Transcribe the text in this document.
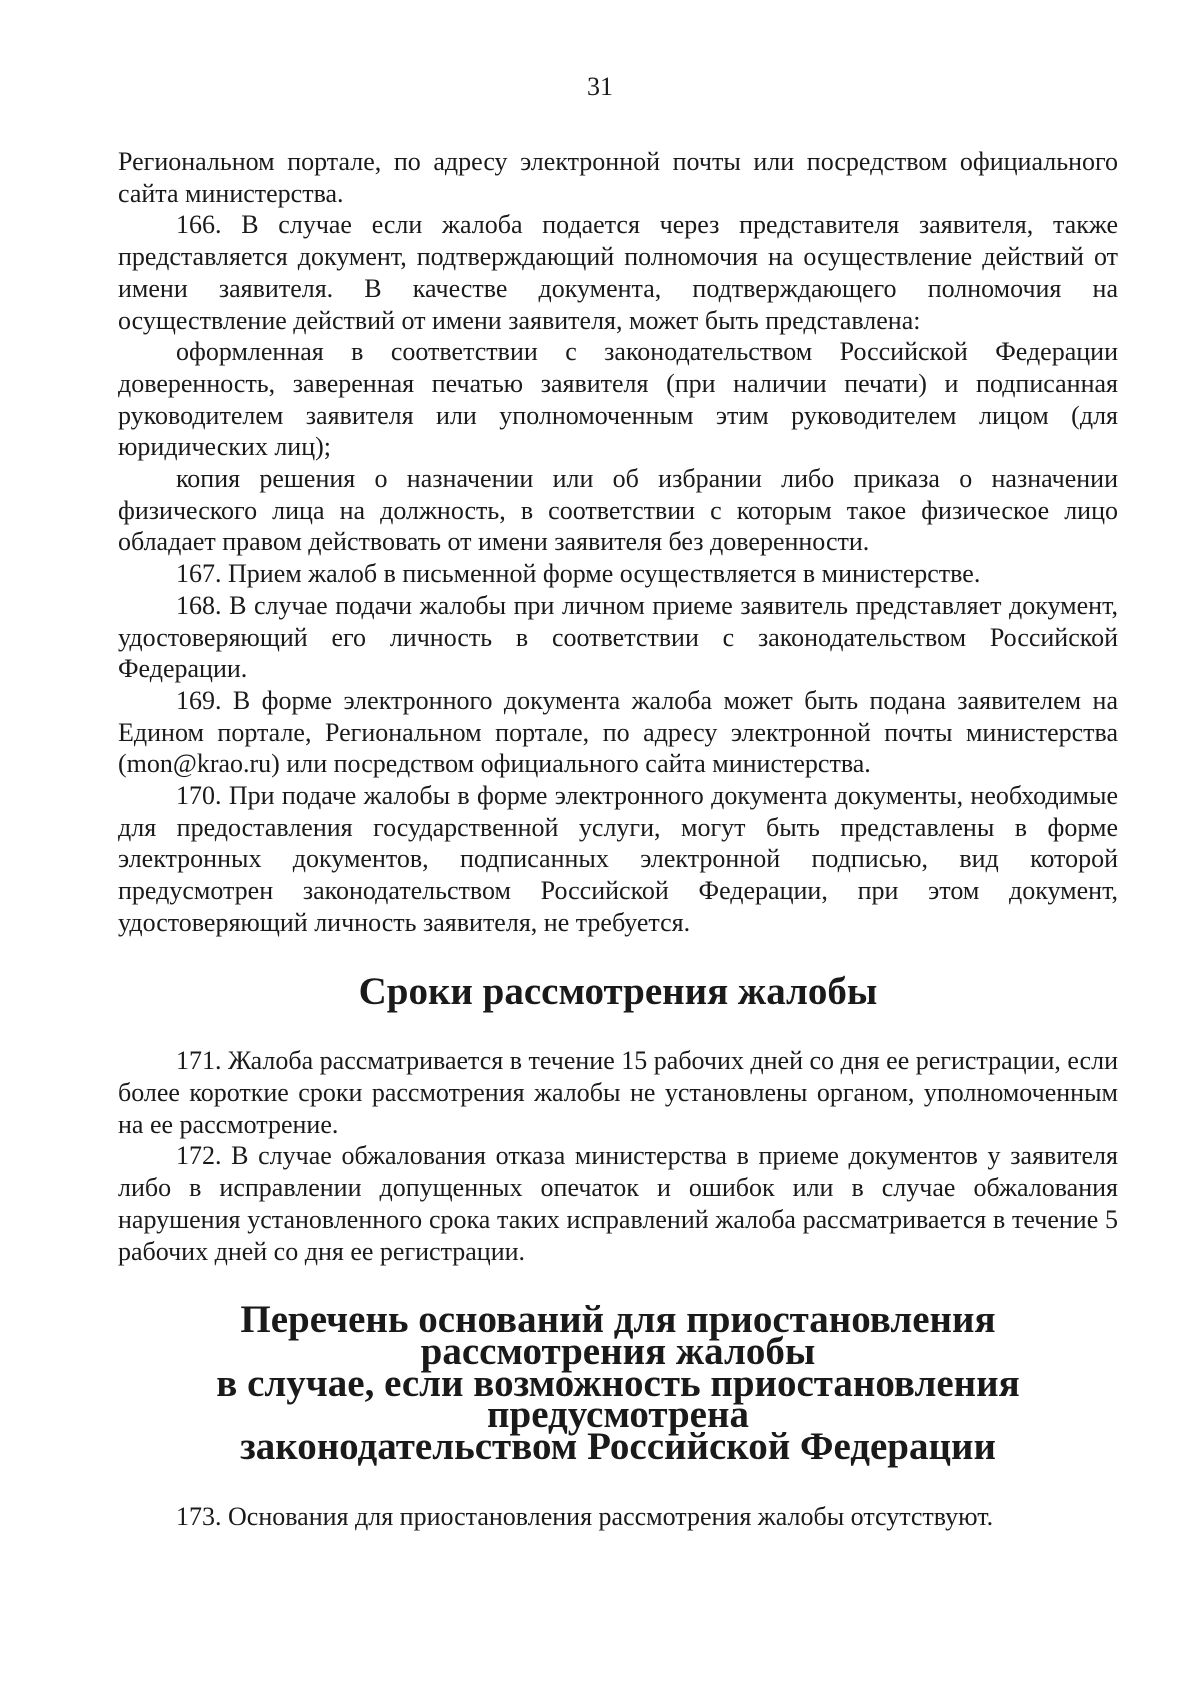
31

Региональном портале, по адресу электронной почты или посредством официального сайта министерства.

166. В случае если жалоба подается через представителя заявителя, также представляется документ, подтверждающий полномочия на осуществление действий от имени заявителя. В качестве документа, подтверждающего полномочия на осуществление действий от имени заявителя, может быть представлена:

оформленная в соответствии с законодательством Российской Федерации доверенность, заверенная печатью заявителя (при наличии печати) и подписанная руководителем заявителя или уполномоченным этим руководителем лицом (для юридических лиц);

копия решения о назначении или об избрании либо приказа о назначении физического лица на должность, в соответствии с которым такое физическое лицо обладает правом действовать от имени заявителя без доверенности.

167. Прием жалоб в письменной форме осуществляется в министерстве.

168. В случае подачи жалобы при личном приеме заявитель представляет документ, удостоверяющий его личность в соответствии с законодательством Российской Федерации.

169. В форме электронного документа жалоба может быть подана заявителем на Едином портале, Региональном портале, по адресу электронной почты министерства (mon@krao.ru) или посредством официального сайта министерства.

170. При подаче жалобы в форме электронного документа документы, необходимые для предоставления государственной услуги, могут быть представлены в форме электронных документов, подписанных электронной подписью, вид которой предусмотрен законодательством Российской Федерации, при этом документ, удостоверяющий личность заявителя, не требуется.

Сроки рассмотрения жалобы

171. Жалоба рассматривается в течение 15 рабочих дней со дня ее регистрации, если более короткие сроки рассмотрения жалобы не установлены органом, уполномоченным на ее рассмотрение.

172. В случае обжалования отказа министерства в приеме документов у заявителя либо в исправлении допущенных опечаток и ошибок или в случае обжалования нарушения установленного срока таких исправлений жалоба рассматривается в течение 5 рабочих дней со дня ее регистрации.

Перечень оснований для приостановления рассмотрения жалобы
в случае, если возможность приостановления предусмотрена
законодательством Российской Федерации

173. Основания для приостановления рассмотрения жалобы отсутствуют.
